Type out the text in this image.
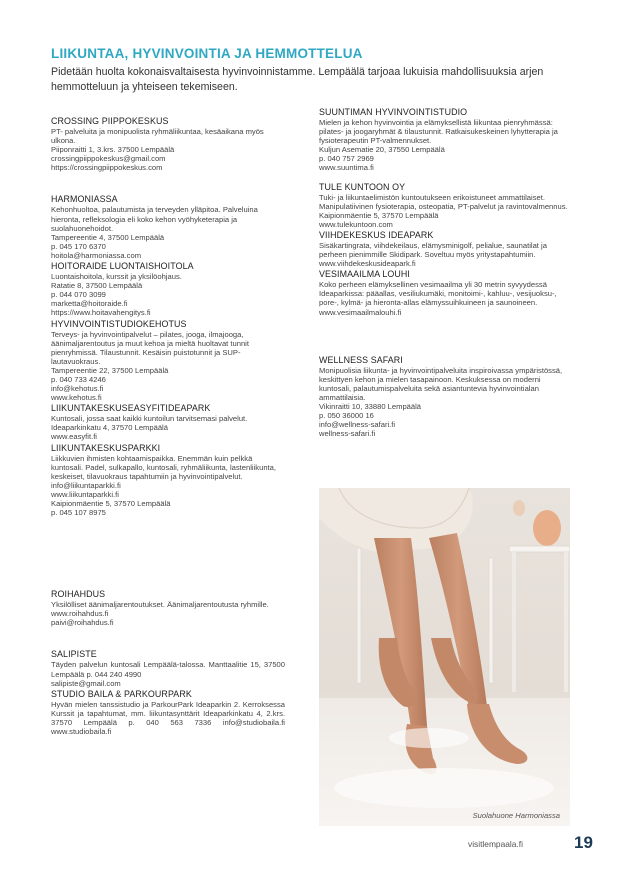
LIIKUNTAA, HYVINVOINTIA JA HEMMOTTELUA
Pidetään huolta kokonaisvaltaisesta hyvinvoinnistamme. Lempäälä tarjoaa lukuisia mahdollisuuksia arjen hemmotteluun ja yhteiseen tekemiseen.
CROSSING PIIPPOKESKUS

PT- palveluita ja monipuolista ryhmäliikuntaa, kesäaikana myös ulkona.
Piiponraitti 1, 3.krs. 37500 Lempäälä
crossingpiippokeskus@gmail.com
https://crossingpiippokeskus.com

HARMONIASSA

Kehonhuoltoa, palautumista ja terveyden ylläpitoa. Palveluina hieronta, refleksologia eli koko kehon vyöhyketerapia ja suolahuonehoidot.
Tampereentie 4, 37500 Lempäälä
p. 045 170 6370
hoitola@harmoniassa.com

HOITORAIDE LUONTAISHOITOLA

Luontaishoitola, kurssit ja yksilöohjaus.
Ratatie 8, 37500 Lempäälä
p. 044 070 3099
marketta@hoitoraide.fi
https://www.hoitavahengitys.fi

HYVINVOINTISTUDIOKEHOTUS

Terveys- ja hyvinvointipalvelut – pilates, jooga, ilmajooga, äänimaljarentoutus ja muut kehoa ja mieltä huoltavat tunnit pienryhmissä. Tilaustunnit. Kesäisin puistotunnit ja SUP-lautavuokraus.
Tampereentie 22, 37500 Lempäälä
p. 040 733 4246
info@kehotus.fi
www.kehotus.fi

LIIKUNTAKESKUSEASYFITIDEAPARK

Kuntosali, jossa saat kaikki kuntoilun tarvitsemasi palvelut.
Ideaparkinkatu 4, 37570 Lempäälä
www.easyfit.fi

LIIKUNTAKESKUSPARKKI

Liikkuvien ihmisten kohtaamispaikka. Enemmän kuin pelkkä kuntosali. Padel, sulkapallo, kuntosali, ryhmäliikunta, lastenliikunta, keskeiset, tilavuokraus tapahtumiin ja hyvinvointipalvelut.
info@liikuntaparkki.fi
www.liikuntaparkki.fi
Kaipionmäentie 5, 37570 Lempäälä
p. 045 107 8975

ROIHAHDUS

Yksilölliset äänimaljarentoutukset. Äänimaljarentoutusta ryhmille.
www.roihahdus.fi
paivi@roihahdus.fi

SALIPISTE

Täyden palvelun kuntosali Lempäälä-talossa. Manttaalitie 15, 37500 Lempäälä p. 044 240 4990
salipiste@gmail.com

STUDIO BAILA & PARKOURPARK

Hyvän mielen tanssistudio ja ParkourPark Ideaparkin 2. Kerroksessa Kurssit ja tapahtumat, mm. liikuntasynttärit Ideaparkinkatu 4, 2.krs. 37570 Lempäälä p. 040 563 7336 info@studiobaila.fi www.studiobaila.fi

SUUNTIMAN HYVINVOINTISTUDIO

Mielen ja kehon hyvinvointia ja elämyksellistä liikuntaa pienryhmässä: pilates- ja joogaryhmät & tilaustunnit. Ratkaisukeskeinen lyhytterapia ja fysioterapeutin PT-valmennukset.
Kuljun Asematie 20, 37550 Lempäälä
p. 040 757 2969
www.suuntima.fi

TULE KUNTOON OY

Tuki- ja liikuntaelimistön kuntoutukseen erikoistuneet ammattilaiset. Manipulatiivinen fysioterapia, osteopatia, PT-palvelut ja ravintovalmennus.
Kaipionmäentie 5, 37570 Lempäälä
www.tulekuntoon.com

VIIHDEKESKUS IDEAPARK

Sisäkartingrata, viihdekeilaus, elämysminigolf, pelialue, saunatilat ja perheen pienimmille Skidipark. Soveltuu myös yritystapahtumiin.
www.viihdekeskusideapark.fi

VESIMAAILMA LOUHI

Koko perheen elämyksellinen vesimaailma yli 30 metrin syvyydessä Ideaparkissa: pääallas, vesiliukumäki, monitoimi-, kahluu-, vesijuoksu-, pore-, kylmä- ja hieronta-allas elämyssuihkuineen ja saunoineen.
www.vesimaailmalouhi.fi

WELLNESS SAFARI

Monipuolisia liikunta- ja hyvinvointipalveluita inspiroivassa ympäristössä, keskittyen kehon ja mielen tasapainoon. Keskuksessa on moderni kuntosali, palautumispalveluita sekä asiantuntevia hyvinvointialan ammattilaisia.
Vikinraitti 10, 33880 Lempäälä
p. 050 36000 16
info@wellness-safari.fi
wellness-safari.fi

Suolahuone Harmoniassa
visitlempaala.fi	19
